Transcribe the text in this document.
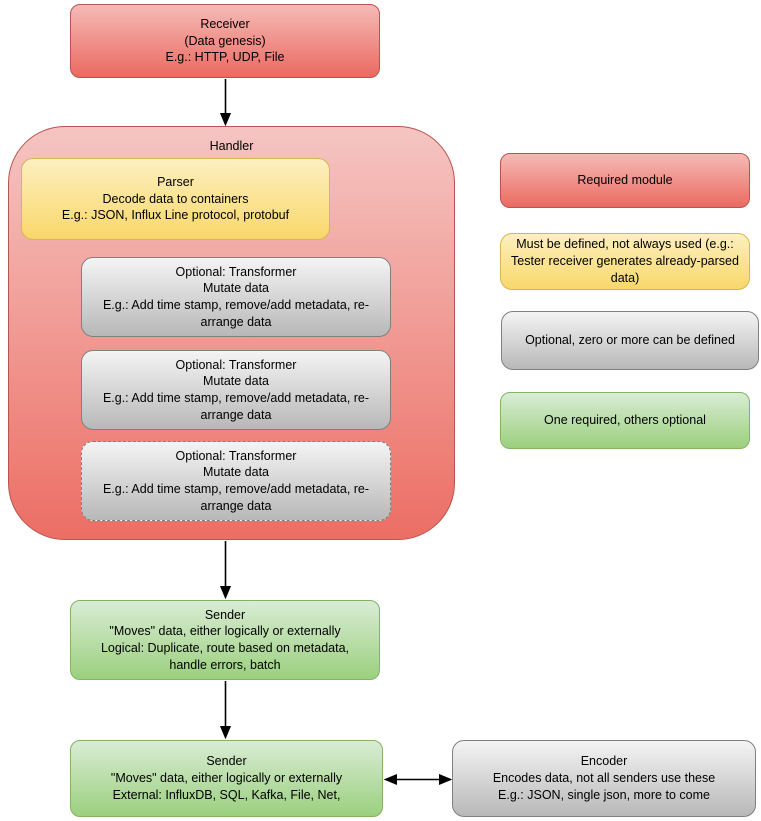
Handler
Receiver
(Data genesis)
E.g.: HTTP, UDP, File
Parser
Decode data to containers
E.g.: JSON, Influx Line protocol, protobuf
Optional: Transformer
Mutate data
E.g.: Add time stamp, remove/add metadata, re-arrange data
Optional: Transformer
Mutate data
E.g.: Add time stamp, remove/add metadata, re-arrange data
Optional: Transformer
Mutate data
E.g.: Add time stamp, remove/add metadata, re-arrange data
Sender
"Moves" data, either logically or externally
Logical: Duplicate, route based on metadata, handle errors, batch
Sender
"Moves" data, either logically or externally
External: InfluxDB, SQL, Kafka, File, Net,
Encoder
Encodes data, not all senders use these
E.g.: JSON, single json, more to come
Required module
Must be defined, not always used (e.g.: Tester receiver generates already-parsed data)
Optional, zero or more can be defined
One required, others optional
